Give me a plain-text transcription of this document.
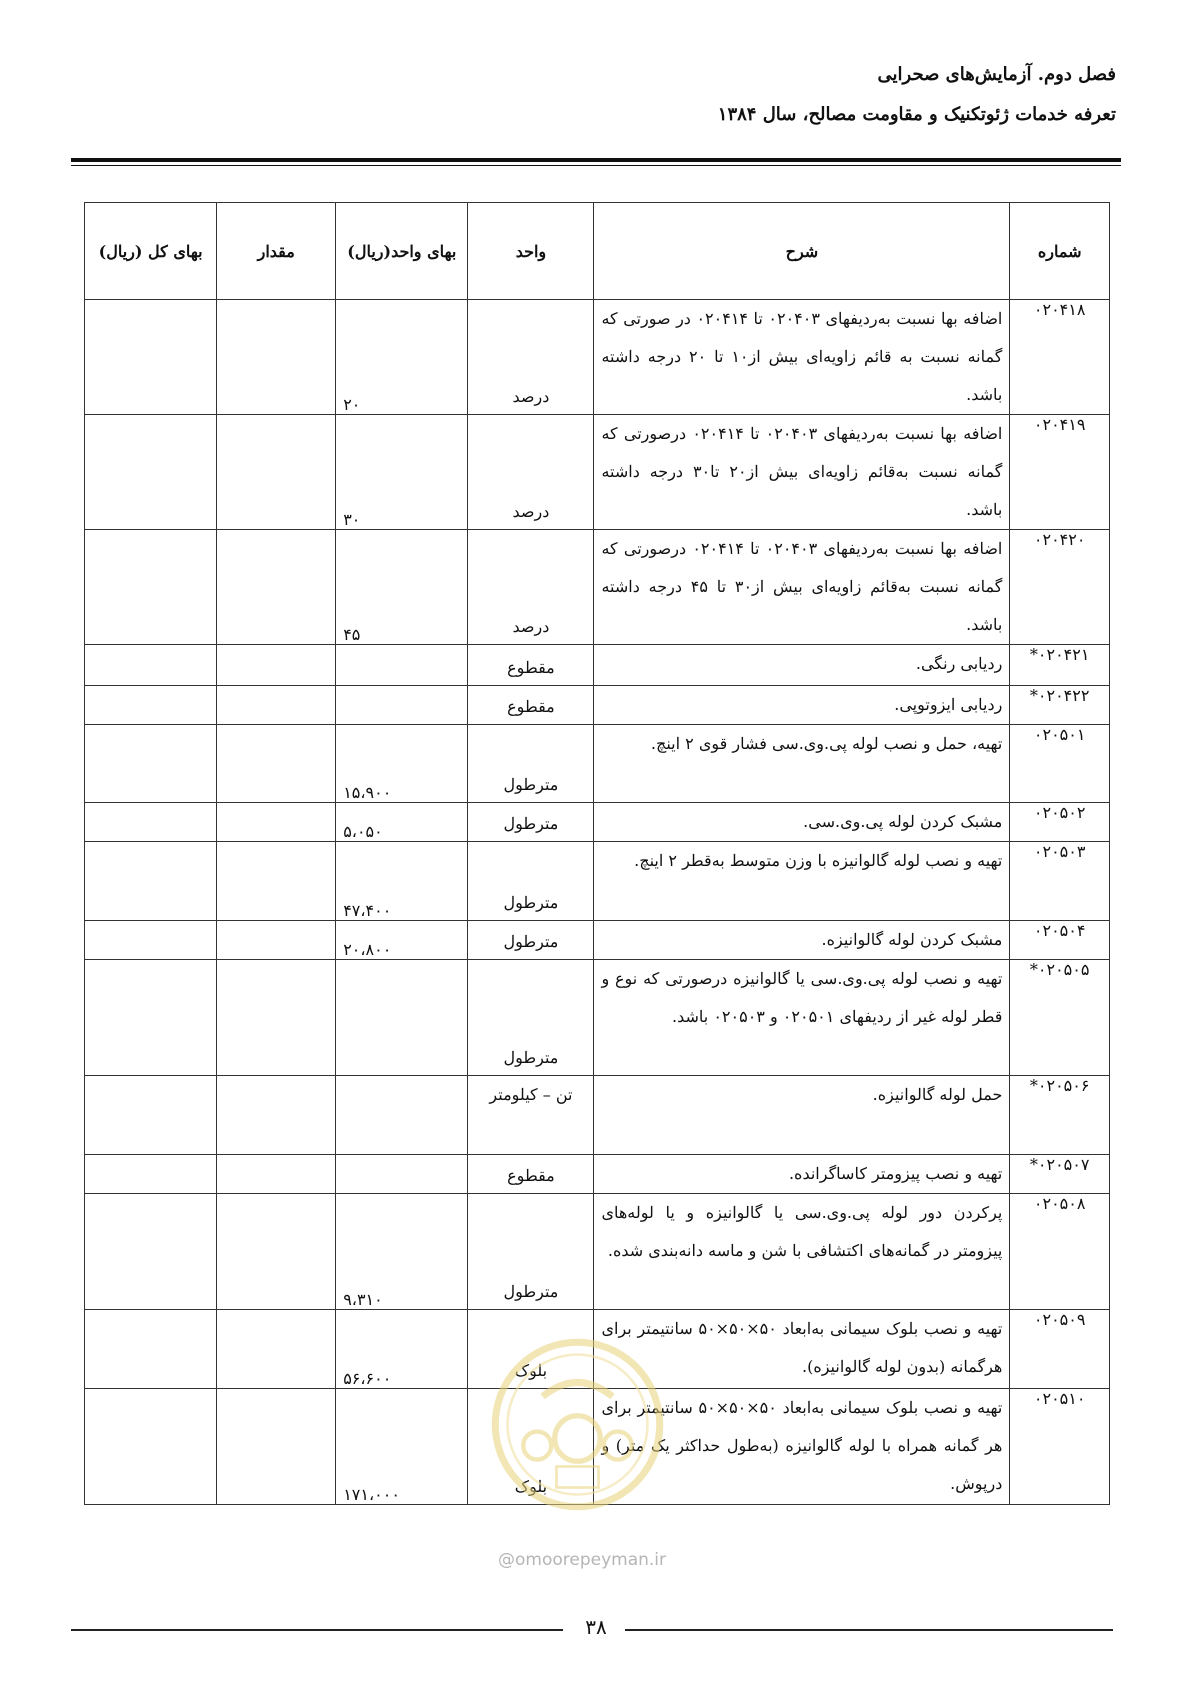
فصل دوم. آزمایش‌های صحرایی
تعرفه خدمات ژئوتکنیک و مقاومت مصالح، سال ۱۳۸۴
شماره	شرح	واحد	بهای واحد(ریال)	مقدار	بهای کل (ریال)
۰۲۰۴۱۸	اضافه بها نسبت به‌ردیفهای ۰۲۰۴۰۳ تا ۰۲۰۴۱۴ در صورتی که گمانه نسبت به قائم زاویه‌ای بیش از۱۰ تا ۲۰ درجه داشته باشد.	درصد	۲۰		
۰۲۰۴۱۹	اضافه بها نسبت به‌ردیفهای ۰۲۰۴۰۳ تا ۰۲۰۴۱۴ درصورتی که گمانه نسبت به‌قائم زاویه‌ای بیش از۲۰ تا۳۰ درجه داشته باشد.	درصد	۳۰		
۰۲۰۴۲۰	اضافه بها نسبت به‌ردیفهای ۰۲۰۴۰۳ تا ۰۲۰۴۱۴ درصورتی که گمانه نسبت به‌قائم زاویه‌ای بیش از۳۰ تا ۴۵ درجه داشته باشد.	درصد	۴۵		
۰۲۰۴۲۱*	ردیابی رنگی.	مقطوع			
۰۲۰۴۲۲*	ردیابی ایزوتوپی.	مقطوع			
۰۲۰۵۰۱	تهیه، حمل و نصب لوله پی.وی.سی فشار قوی ۲ اینچ.	مترطول	۱۵،۹۰۰		
۰۲۰۵۰۲	مشبک کردن لوله پی.وی.سی.	مترطول	۵،۰۵۰		
۰۲۰۵۰۳	تهیه و نصب لوله گالوانیزه با وزن متوسط به‌قطر ۲ اینچ.	مترطول	۴۷،۴۰۰		
۰۲۰۵۰۴	مشبک کردن لوله گالوانیزه.	مترطول	۲۰،۸۰۰		
۰۲۰۵۰۵*	تهیه و نصب لوله پی.وی.سی یا گالوانیزه درصورتی که نوع و قطر لوله غیر از ردیفهای ۰۲۰۵۰۱ و ۰۲۰۵۰۳ باشد.	مترطول			
۰۲۰۵۰۶*	حمل لوله گالوانیزه.	تن – کیلومتر			
۰۲۰۵۰۷*	تهیه و نصب پیزومتر کاساگرانده.	مقطوع			
۰۲۰۵۰۸	پرکردن دور لوله پی.وی.سی یا گالوانیزه و یا لوله‌های پیزومتر در گمانه‌های اکتشافی با شن و ماسه دانه‌بندی شده.	مترطول	۹،۳۱۰		
۰۲۰۵۰۹	تهیه و نصب بلوک سیمانی به‌ابعاد ۵۰×۵۰×۵۰ سانتیمتر برای هرگمانه (بدون لوله گالوانیزه).	بلوک	۵۶،۶۰۰		
۰۲۰۵۱۰	تهیه و نصب بلوک سیمانی به‌ابعاد ۵۰×۵۰×۵۰ سانتیمتر برای هر گمانه همراه با لوله گالوانیزه (به‌طول حداکثر یک متر) و درپوش.	بلوک	۱۷۱،۰۰۰		
@omoorepeyman.ir
۳۸
